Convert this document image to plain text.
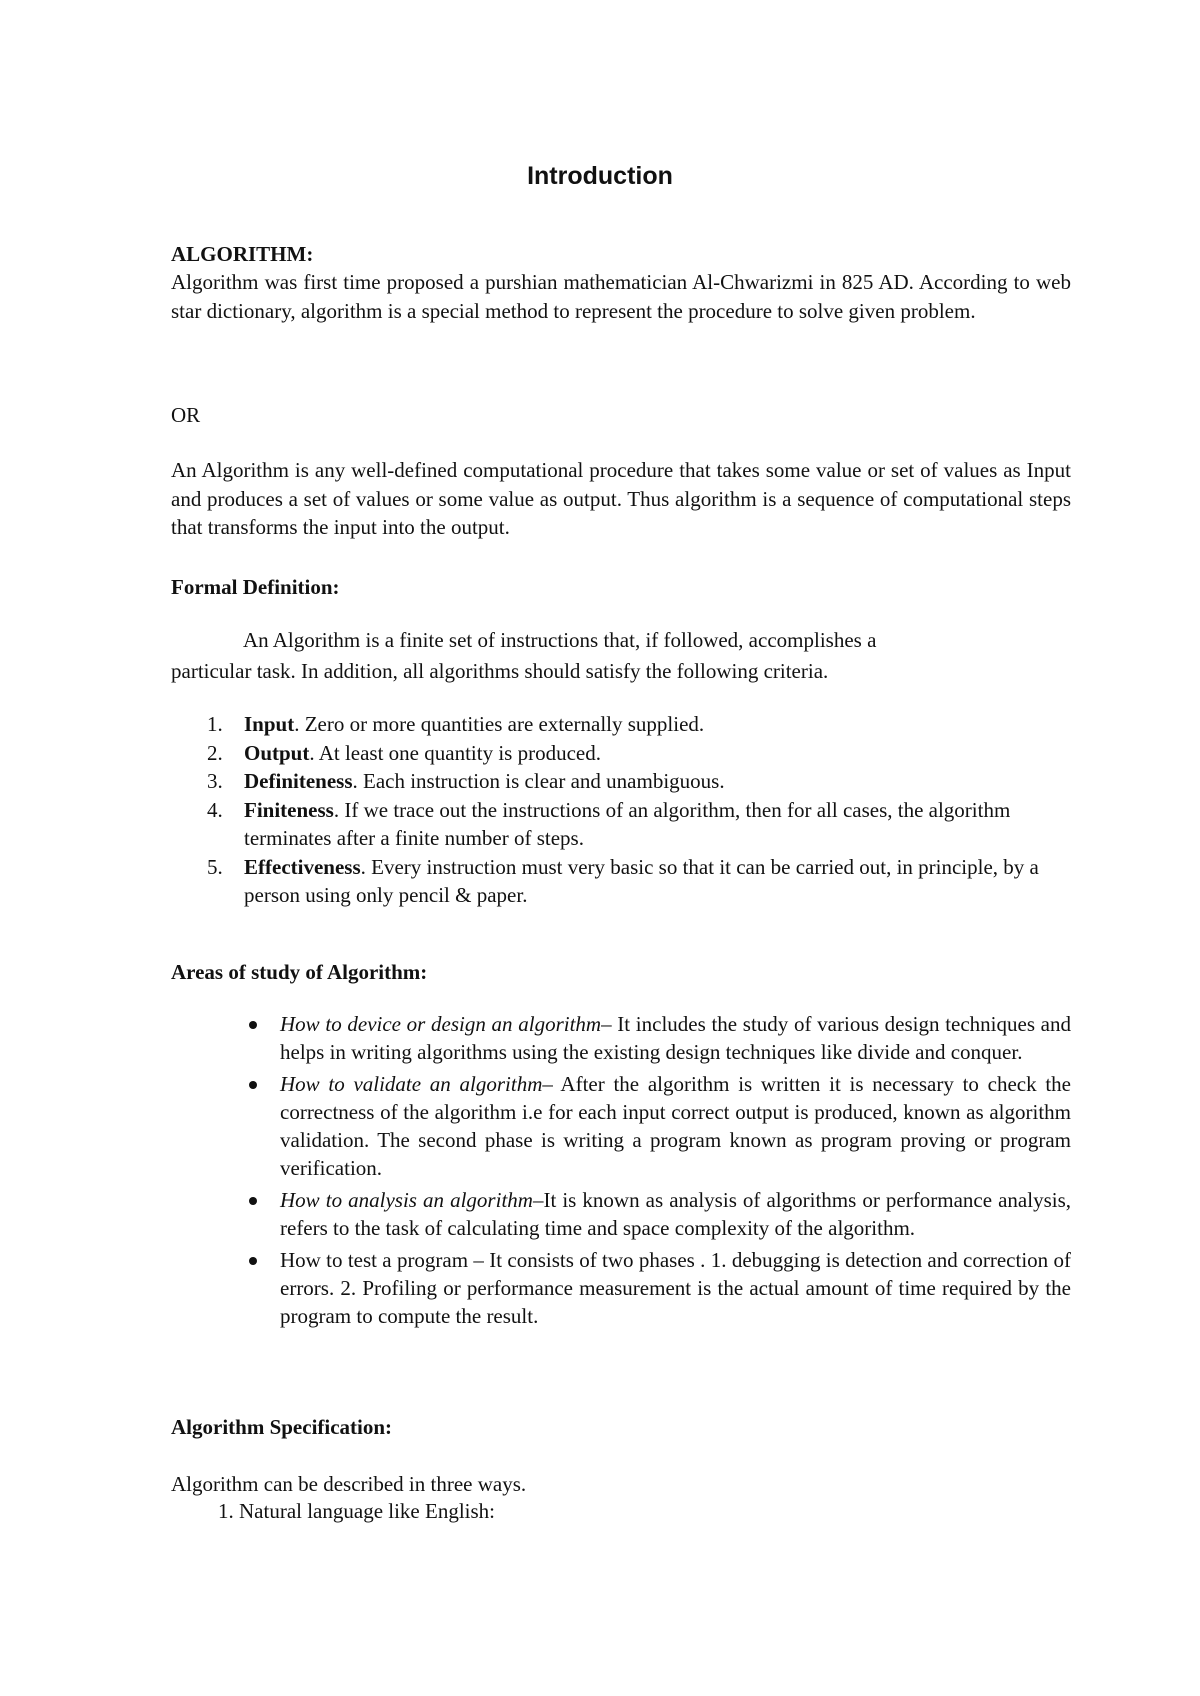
Introduction

ALGORITHM:

Algorithm was first time proposed a purshian mathematician Al-Chwarizmi in 825 AD. According to web star dictionary, algorithm is a special method to represent the procedure to solve given problem.

OR

An Algorithm is any well-defined computational procedure that takes some value or set of values as Input and produces a set of values or some value as output. Thus algorithm is a sequence of computational steps that transforms the input into the output.

Formal Definition:

An Algorithm is a finite set of instructions that, if followed, accomplishes a

particular task. In addition, all algorithms should satisfy the following criteria.

1. Input. Zero or more quantities are externally supplied.
2. Output. At least one quantity is produced.
3. Definiteness. Each instruction is clear and unambiguous.
4. Finiteness. If we trace out the instructions of an algorithm, then for all cases, the algorithm terminates after a finite number of steps.
5. Effectiveness. Every instruction must very basic so that it can be carried out, in principle, by a person using only pencil & paper.

Areas of study of Algorithm:

How to device or design an algorithm– It includes the study of various design techniques and helps in writing algorithms using the existing design techniques like divide and conquer.
How to validate an algorithm– After the algorithm is written it is necessary to check the correctness of the algorithm i.e for each input correct output is produced, known as algorithm validation. The second phase is writing a program known as program proving or program verification.
How to analysis an algorithm–It is known as analysis of algorithms or performance analysis, refers to the task of calculating time and space complexity of the algorithm.
How to test a program – It consists of two phases . 1. debugging is detection and correction of errors. 2. Profiling or performance measurement is the actual amount of time required by the program to compute the result.

Algorithm Specification:

Algorithm can be described in three ways.

1. Natural language like English:
